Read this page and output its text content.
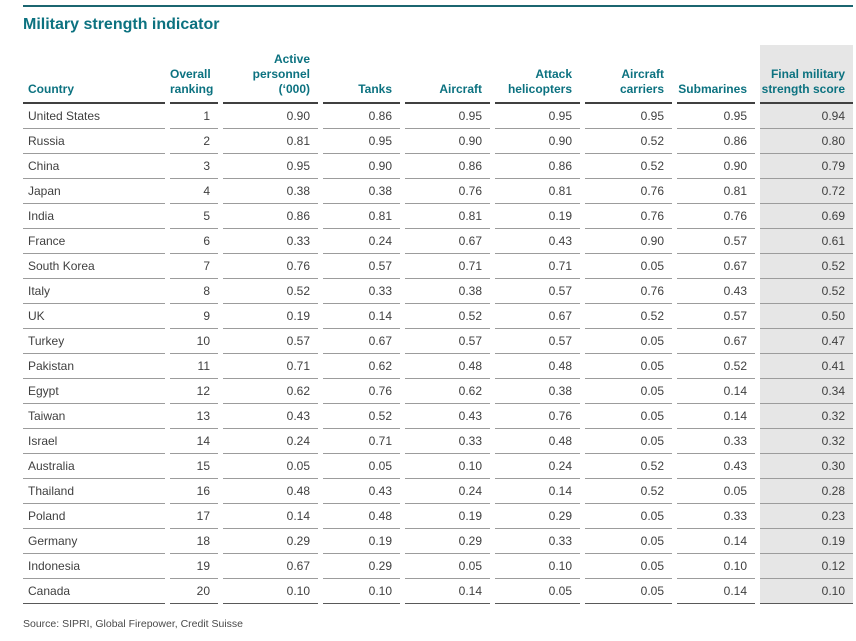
Military strength indicator
Country	Overall ranking	Active personnel (‘000)	Tanks	Aircraft	Attack helicopters	Aircraft carriers	Submarines	Final military strength score
United States	1	0.90	0.86	0.95	0.95	0.95	0.95	0.94
Russia	2	0.81	0.95	0.90	0.90	0.52	0.86	0.80
China	3	0.95	0.90	0.86	0.86	0.52	0.90	0.79
Japan	4	0.38	0.38	0.76	0.81	0.76	0.81	0.72
India	5	0.86	0.81	0.81	0.19	0.76	0.76	0.69
France	6	0.33	0.24	0.67	0.43	0.90	0.57	0.61
South Korea	7	0.76	0.57	0.71	0.71	0.05	0.67	0.52
Italy	8	0.52	0.33	0.38	0.57	0.76	0.43	0.52
UK	9	0.19	0.14	0.52	0.67	0.52	0.57	0.50
Turkey	10	0.57	0.67	0.57	0.57	0.05	0.67	0.47
Pakistan	11	0.71	0.62	0.48	0.48	0.05	0.52	0.41
Egypt	12	0.62	0.76	0.62	0.38	0.05	0.14	0.34
Taiwan	13	0.43	0.52	0.43	0.76	0.05	0.14	0.32
Israel	14	0.24	0.71	0.33	0.48	0.05	0.33	0.32
Australia	15	0.05	0.05	0.10	0.24	0.52	0.43	0.30
Thailand	16	0.48	0.43	0.24	0.14	0.52	0.05	0.28
Poland	17	0.14	0.48	0.19	0.29	0.05	0.33	0.23
Germany	18	0.29	0.19	0.29	0.33	0.05	0.14	0.19
Indonesia	19	0.67	0.29	0.05	0.10	0.05	0.10	0.12
Canada	20	0.10	0.10	0.14	0.05	0.05	0.14	0.10
Source: SIPRI, Global Firepower, Credit Suisse
